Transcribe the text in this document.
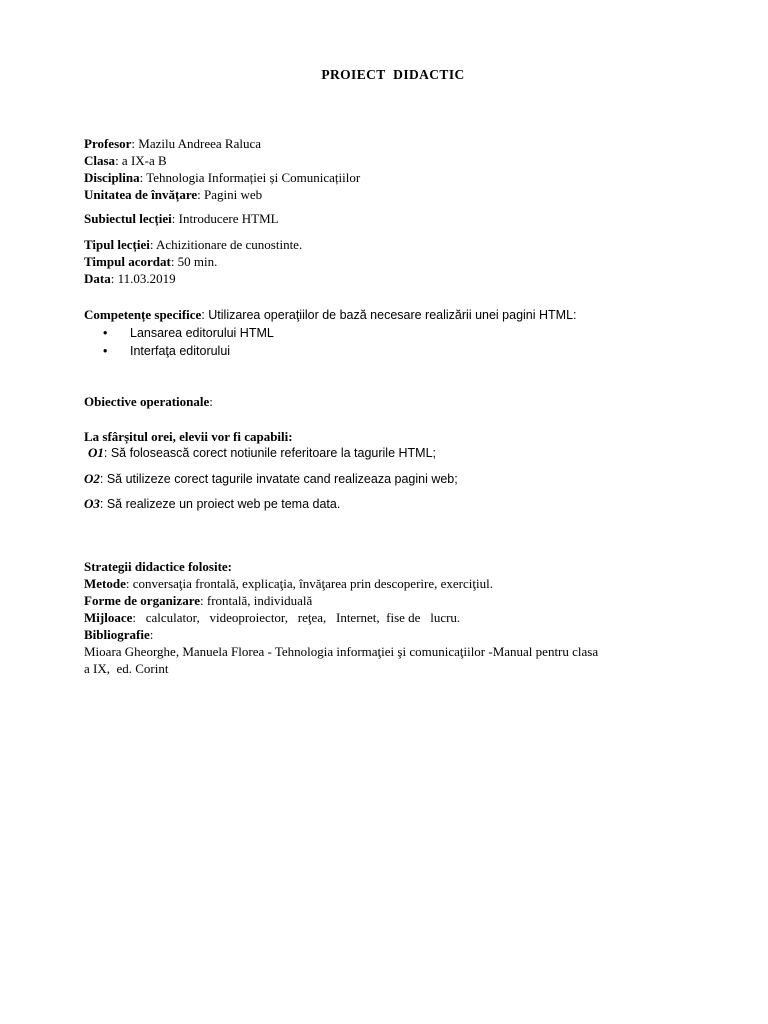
PROIECT DIDACTIC
Profesor: Mazilu Andreea Raluca
Clasa: a IX-a B
Disciplina: Tehnologia Informației și Comunicațiilor
Unitatea de învățare: Pagini web
Subiectul lecției: Introducere HTML
Tipul lecției: Achizitionare de cunostinte.
Timpul acordat: 50 min.
Data: 11.03.2019
Competențe specifice: Utilizarea operaţiilor de bază necesare realizării unei pagini HTML:
• Lansarea editorului HTML
• Interfaţa editorului
Obiective operationale:
La sfârșitul orei, elevii vor fi capabili:
O1: Să folosească corect notiunile referitoare la tagurile HTML;
O2: Să utilizeze corect tagurile invatate cand realizeaza pagini web;
O3: Să realizeze un proiect web pe tema data.
Strategii didactice folosite:
Metode: conversaţia frontală, explicaţia, învăţarea prin descoperire, exerciţiul.
Forme de organizare: frontală, individuală
Mijloace:   calculator,   videoproiector,   reţea,   Internet,  fise de   lucru.
Bibliografie:
Mioara Gheorghe, Manuela Florea - Tehnologia informaţiei şi comunicaţiilor -Manual pentru clasa
a IX,  ed. Corint
